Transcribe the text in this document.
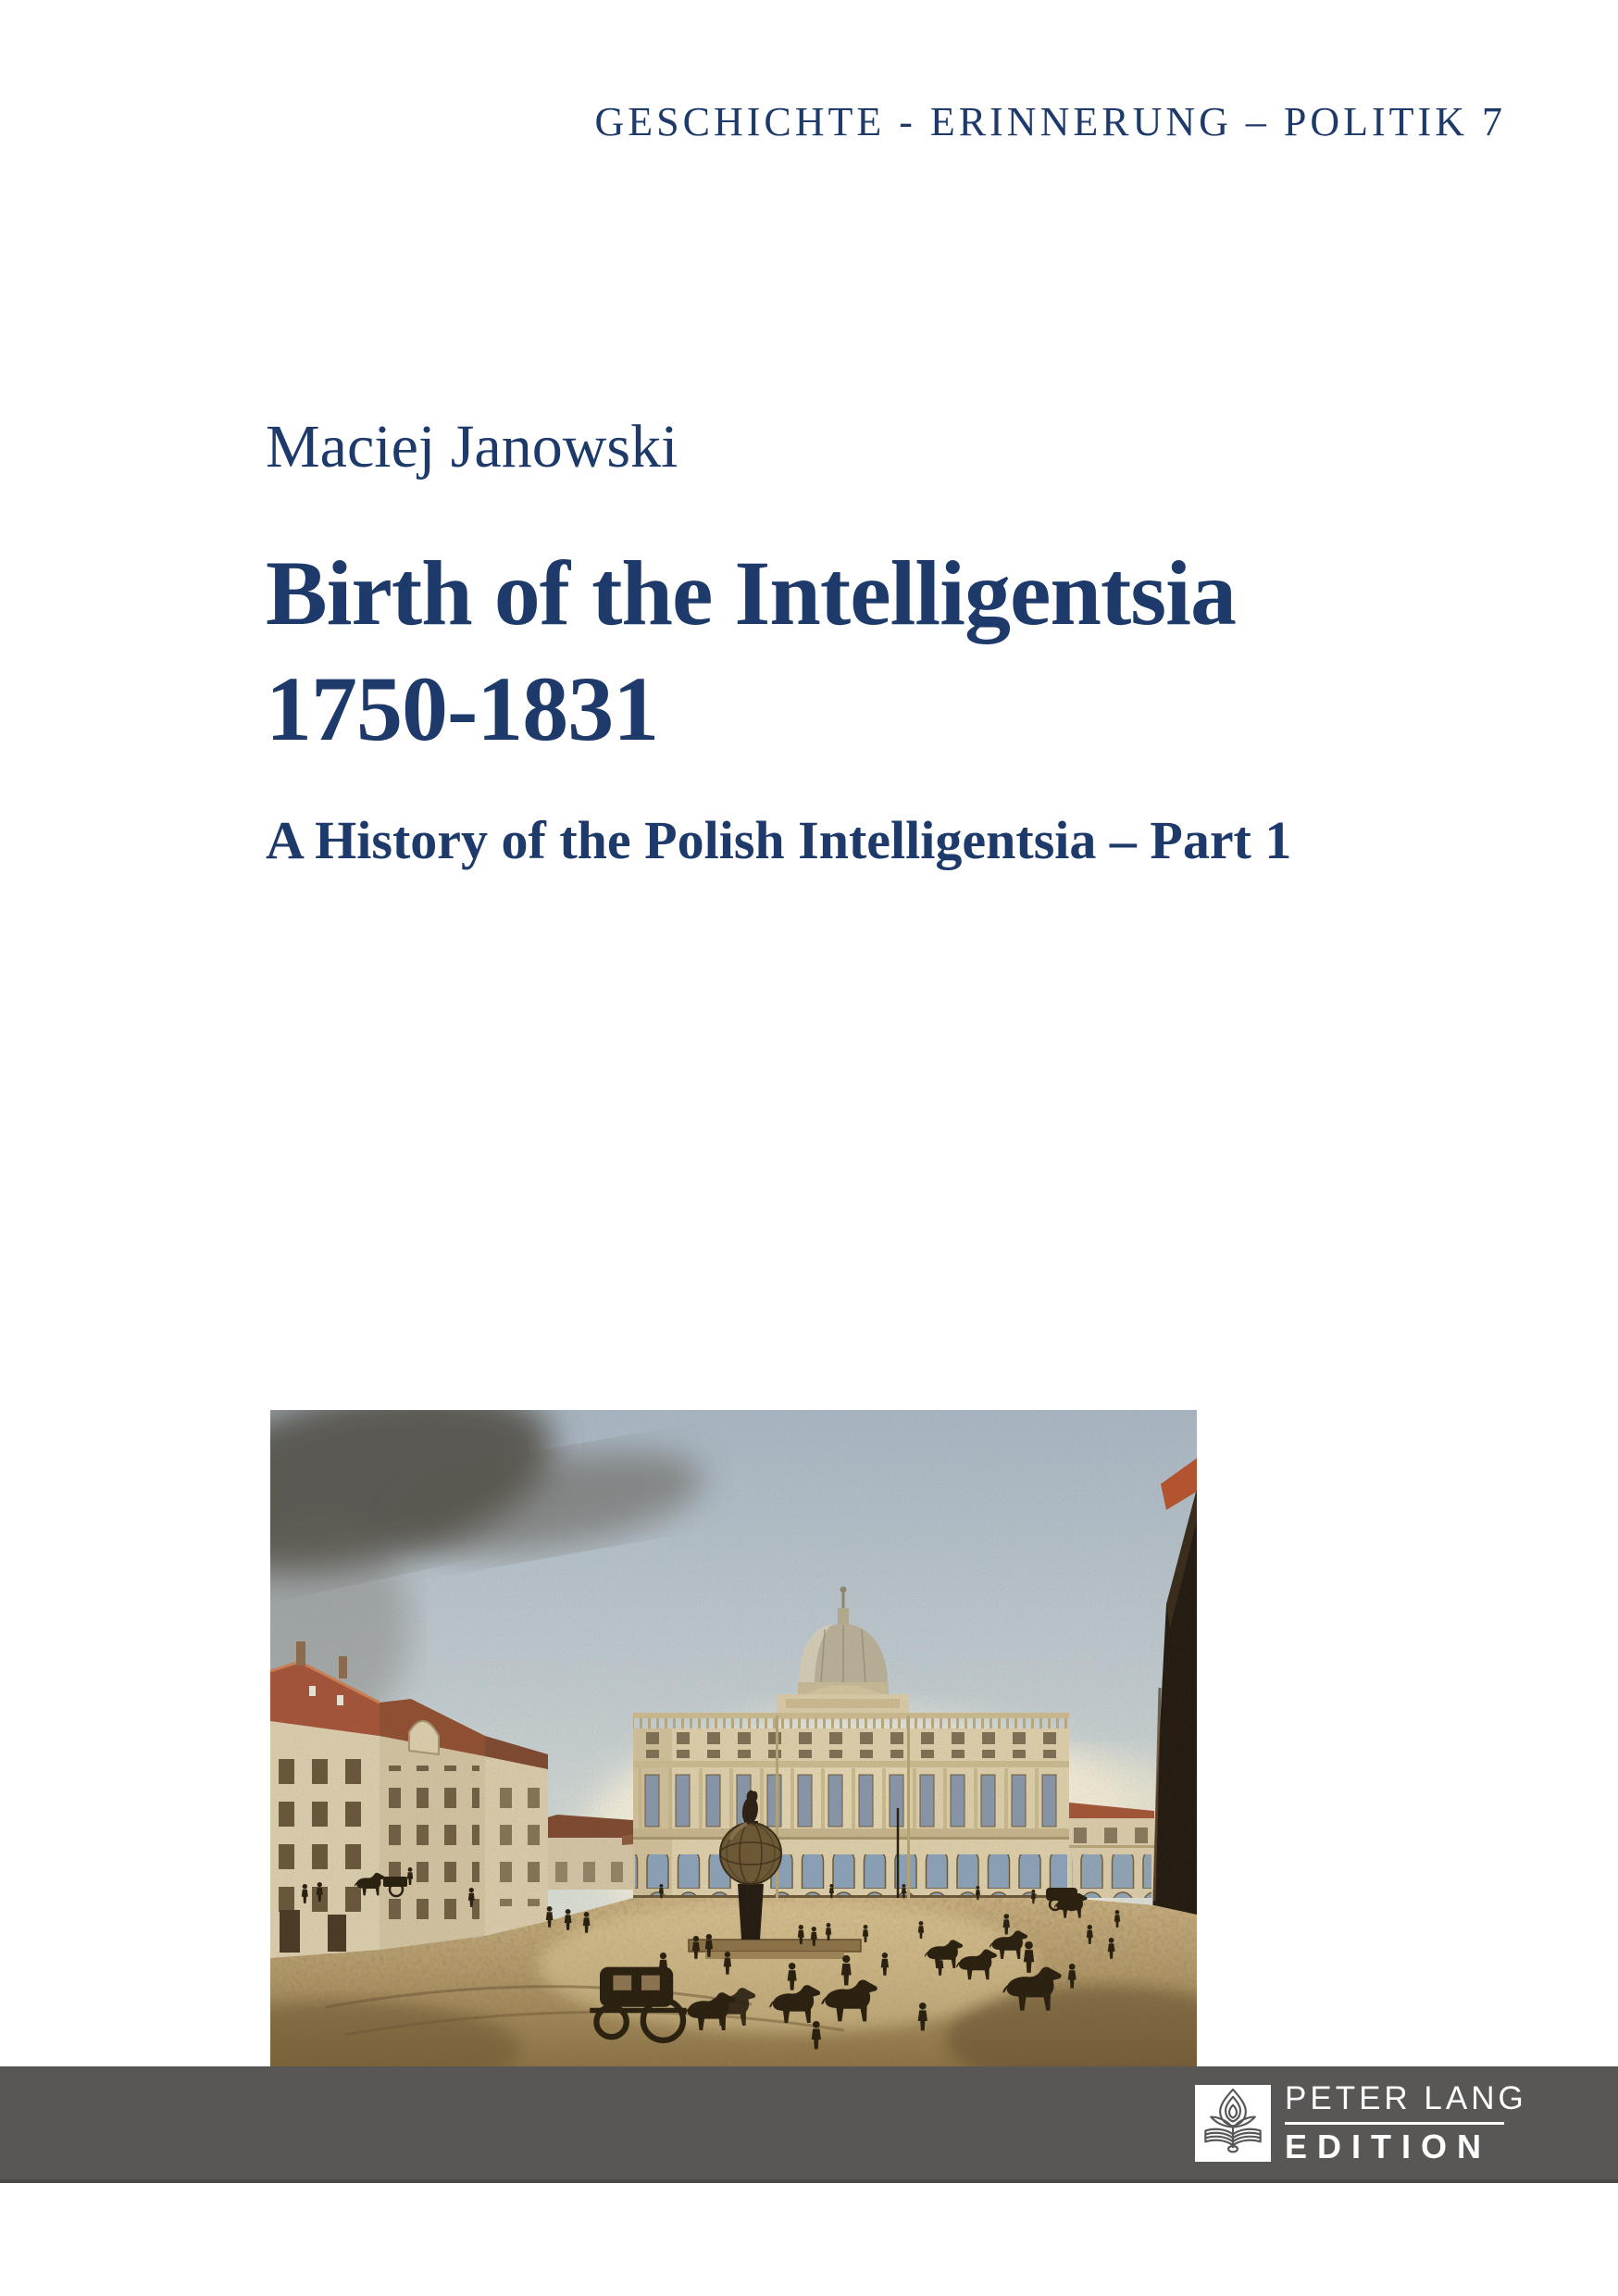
GESCHICHTE - ERINNERUNG – POLITIK 7
Maciej Janowski
Birth of the Intelligentsia
1750-1831
A History of the Polish Intelligentsia – Part 1
PETER LANG
EDITION
